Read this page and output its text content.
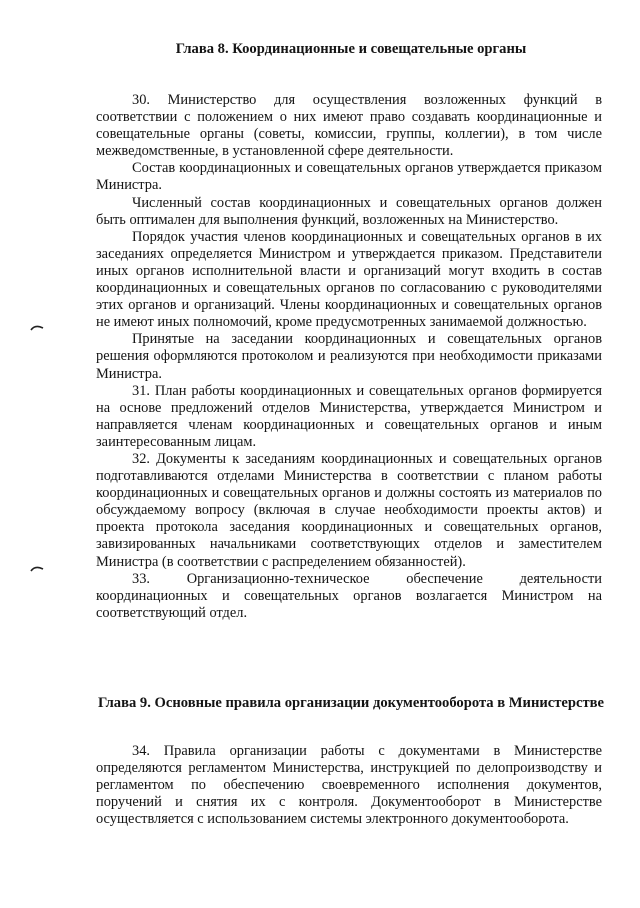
Глава 8. Координационные и совещательные органы

30. Министерство для осуществления возложенных функций в соответствии с положением о них имеют право создавать координационные и совещательные органы (советы, комиссии, группы, коллегии), в том числе межведомственные, в установленной сфере деятельности.

Состав координационных и совещательных органов утверждается приказом Министра.

Численный состав координационных и совещательных органов должен быть оптимален для выполнения функций, возложенных на Министерство.

Порядок участия членов координационных и совещательных органов в их заседаниях определяется Министром и утверждается приказом. Представители иных органов исполнительной власти и организаций могут входить в состав координационных и совещательных органов по согласованию с руководителями этих органов и организаций. Члены координационных и совещательных органов не имеют иных полномочий, кроме предусмотренных занимаемой должностью.

Принятые на заседании координационных и совещательных органов решения оформляются протоколом и реализуются при необходимости приказами Министра.

31. План работы координационных и совещательных органов формируется на основе предложений отделов Министерства, утверждается Министром и направляется членам координационных и совещательных органов и иным заинтересованным лицам.

32. Документы к заседаниям координационных и совещательных органов подготавливаются отделами Министерства в соответствии с планом работы координационных и совещательных органов и должны состоять из материалов по обсуждаемому вопросу (включая в случае необходимости проекты актов) и проекта протокола заседания координационных и совещательных органов, завизированных начальниками соответствующих отделов и заместителем Министра (в соответствии с распределением обязанностей).

33. Организационно-техническое обеспечение деятельности координационных и совещательных органов возлагается Министром на соответствующий отдел.

Глава 9. Основные правила организации документооборота в Министерстве

34. Правила организации работы с документами в Министерстве определяются регламентом Министерства, инструкцией по делопроизводству и регламентом по обеспечению своевременного исполнения документов, поручений и снятия их с контроля. Документооборот в Министерстве осуществляется с использованием системы электронного документооборота.
